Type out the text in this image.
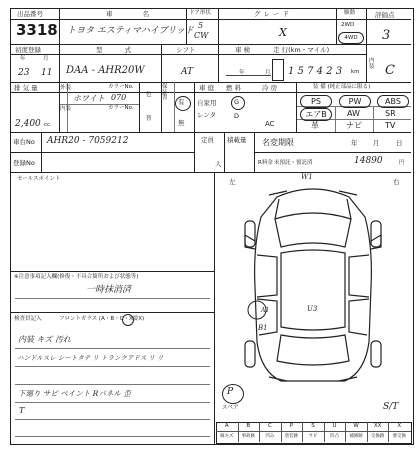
出品番号
3318
車 名
トヨタ エスティマハイブリッド
ドア形状
5
CW
グレード
X
駆動
2WD
4WD
評価点
3
初度登録
年	月
23 11
型 式
DAA - AHR20W
シフト
AT
車 検	走 行(km・マイル)
年	月 1 5 7 4 2 3 km
内装 C
排 気 量	外装
内装
カラーNo.
カラーNo.
ホワイト 070	色
替
保証書	有
無
車 庭 燃 料	冷 房
自家用
レンタ
G
D
AC
2,400 cc.
装 備 (純正部品に限る)
PS	PW	ABS
エアB	AW	SR
革	ナビ	TV
車台No AHR20 - 7059212
登録No
定員
人
積載量 名変期限	年 月	日
R料金 未預託・預託済	14890	円
セールスポイント
※注意事項記入欄(修復・不具合箇所および状態等)
一時抹消済
検査員記入	フロントガラス (A・B・C・X要X)
内装 キズ 汚れ
ハンドルスレ シートタテ リ トランクアドス リ リ
下廻り サビ ペイント Rパネル 歪
T
左	右
W1
U3
A1
B1
スペア
P
S/T
A
線キズ
B
事故修
C
凹み
P
塗装跡
S
サビ
U
凹凸
W
補修跡
XX
交換跡
X
要交換
